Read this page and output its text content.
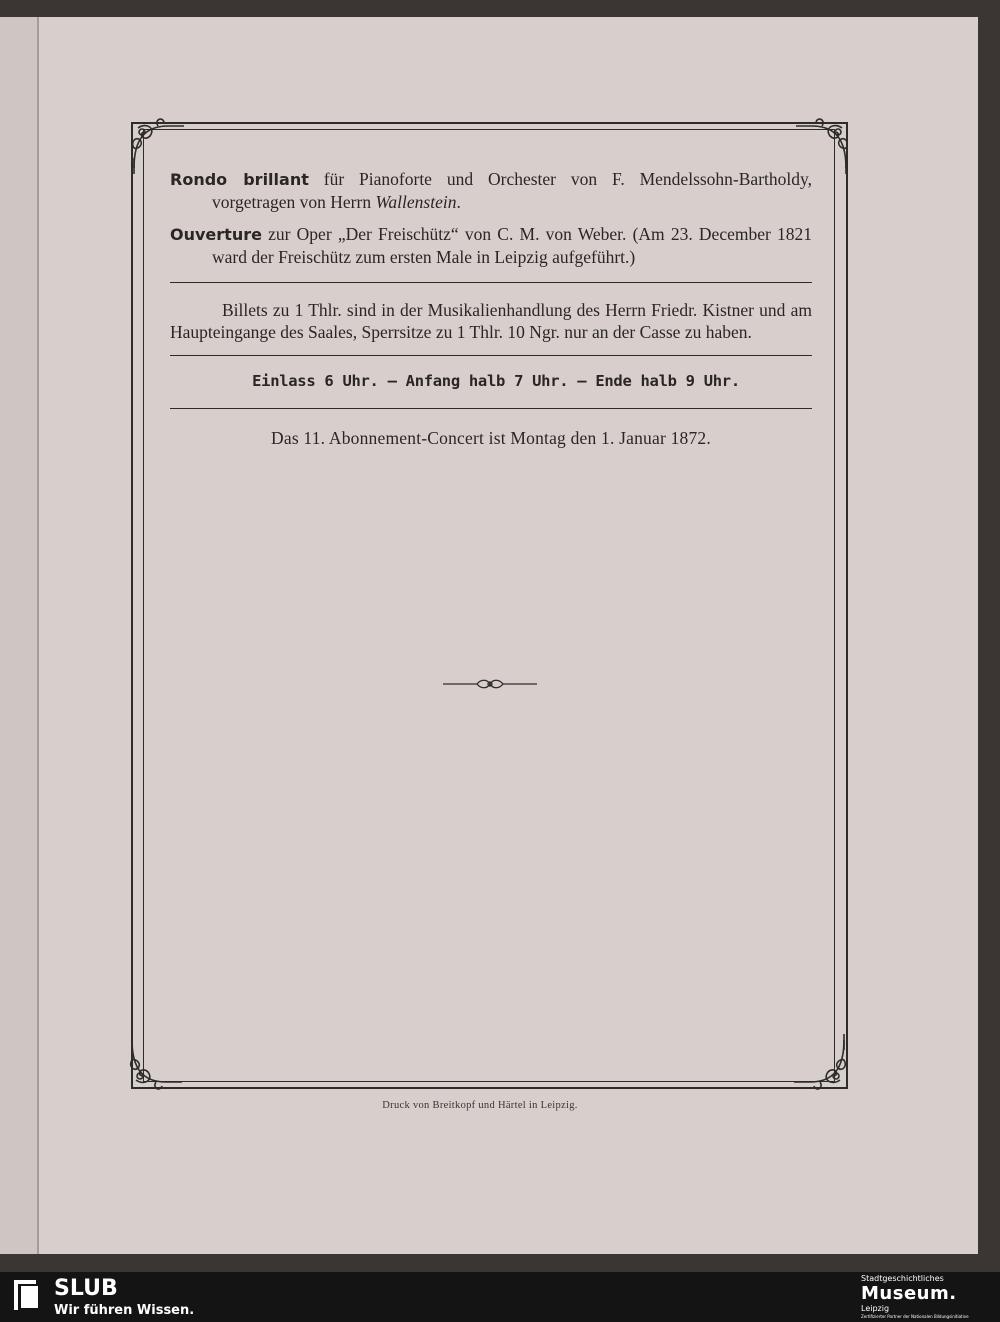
Rondo brillant für Pianoforte und Orchester von F. Mendelssohn-Bartholdy, vorgetragen von Herrn Wallenstein.

Ouverture zur Oper „Der Freischütz“ von C. M. von Weber. (Am 23. December 1821 ward der Freischütz zum ersten Male in Leipzig aufgeführt.)

Billets zu 1 Thlr. sind in der Musikalienhandlung des Herrn Friedr. Kistner und am Haupteingange des Saales, Sperrsitze zu 1 Thlr. 10 Ngr. nur an der Casse zu haben.

Einlass 6 Uhr. — Anfang halb 7 Uhr. — Ende halb 9 Uhr.

Das 11. Abonnement-Concert ist Montag den 1. Januar 1872.

Druck von Breitkopf und Härtel in Leipzig.
SLUB
Wir führen Wissen.
Stadtgeschichtliches
Museum.
Leipzig
Zertifizierter Partner der Nationalen Bildungsinitiative
